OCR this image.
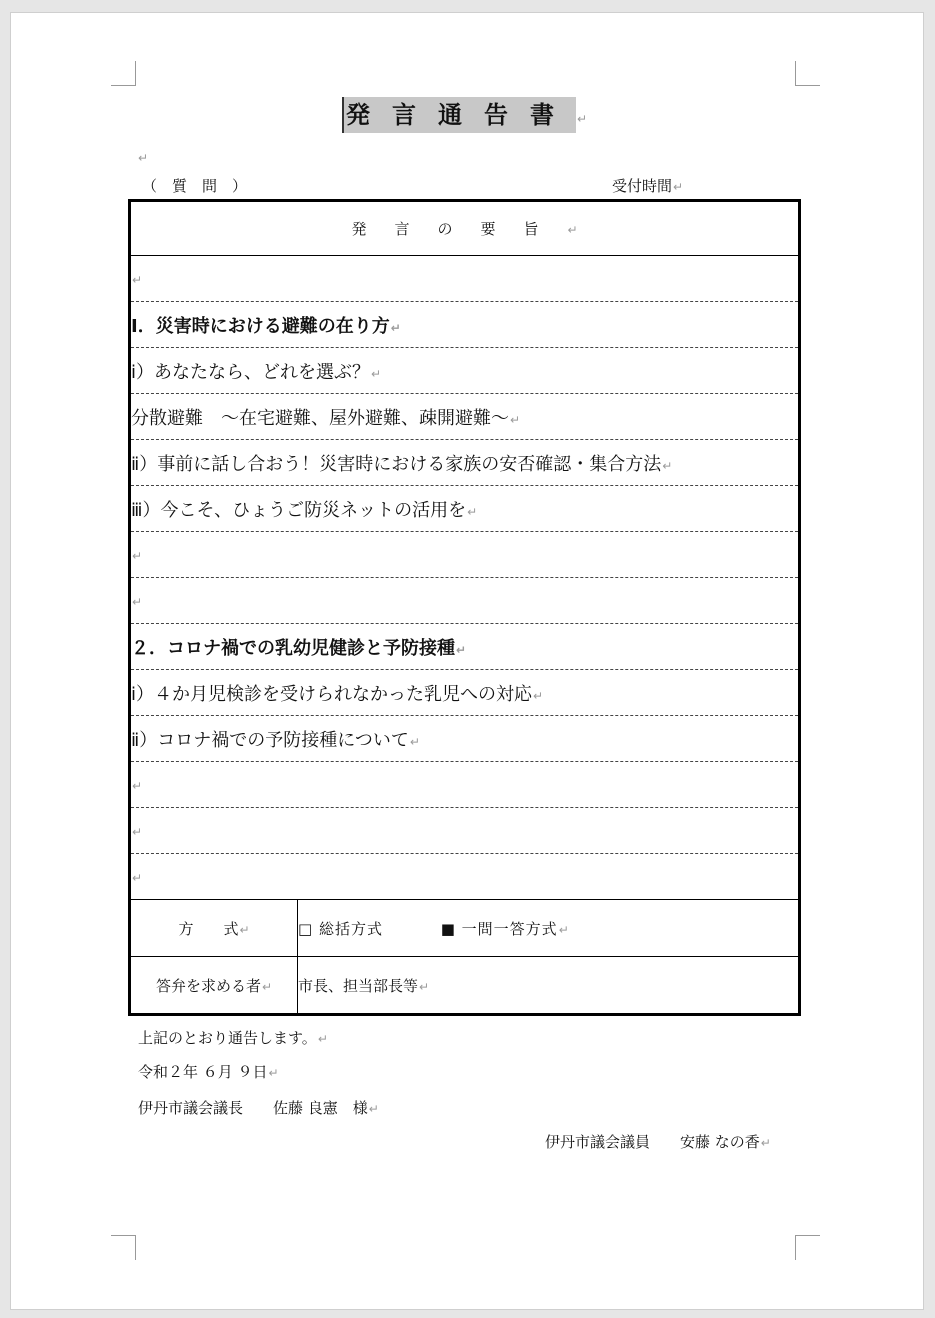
発言通告書↵
↵
（　質　問　）	受付時間↵
発言の要旨↵
↵
Ⅰ．災害時における避難の在り方↵
ⅰ）あなたなら、どれを選ぶ？↵
分散避難　～在宅避難、屋外避難、疎開避難～↵
ⅱ）事前に話し合おう！災害時における家族の安否確認・集合方法↵
ⅲ）今こそ、ひょうご防災ネットの活用を↵
↵
↵
２．コロナ禍での乳幼児健診と予防接種↵
ⅰ）４か月児検診を受けられなかった乳児への対応↵
ⅱ）コロナ禍での予防接種について↵
↵
↵
↵

方　　式↵	□ 総括方式	■ 一問一答方式↵
答弁を求める者↵	市長、担当部長等↵
上記のとおり通告します。↵
令和２年 ６月 ９日↵
伊丹市議会議長　　佐藤 良憲　様↵
伊丹市議会議員　　安藤 なの香↵
